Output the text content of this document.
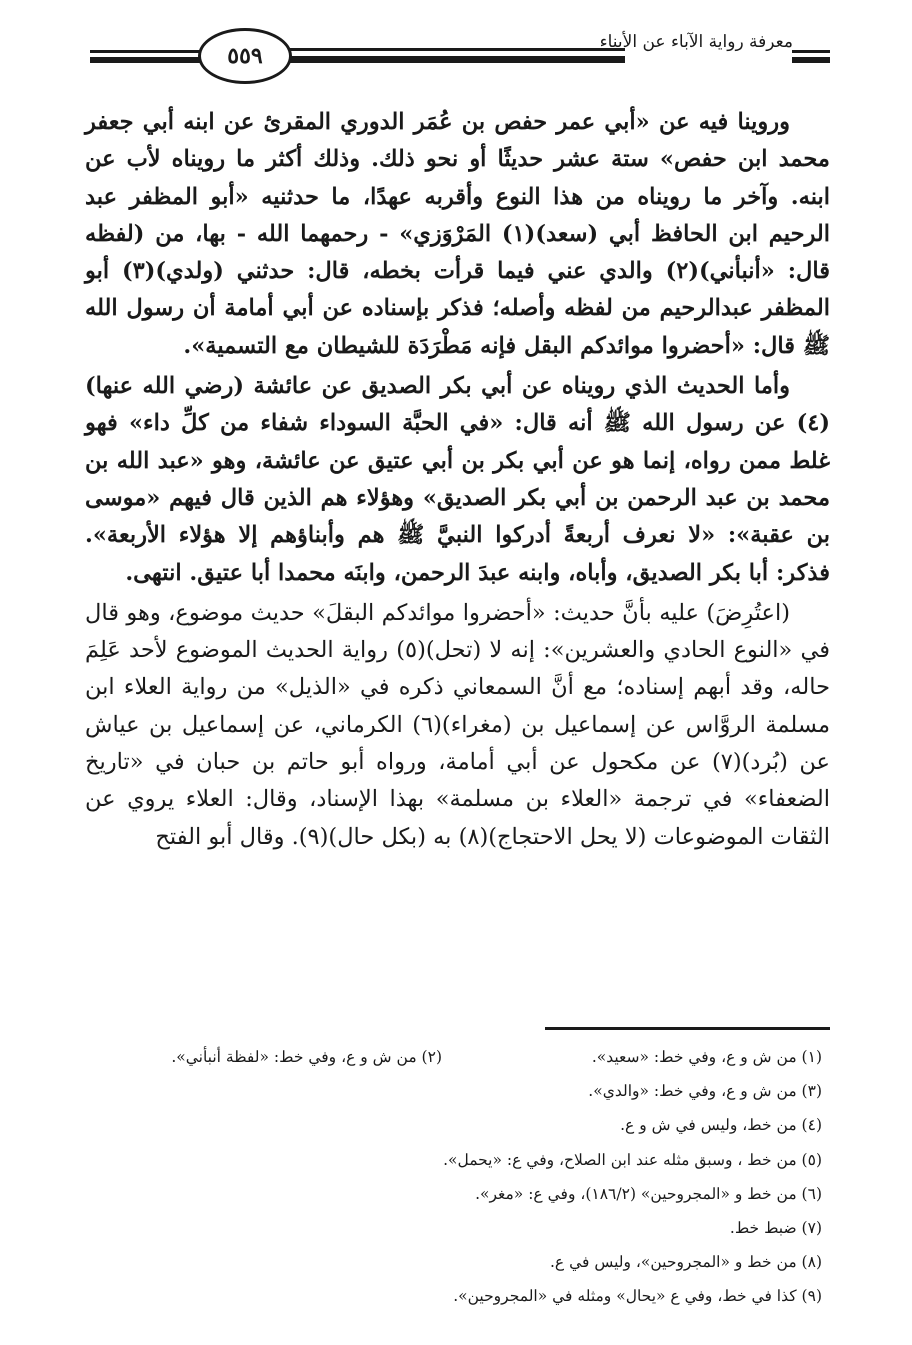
٥٥٩
معرفة رواية الآباء عن الأبناء

وروينا فيه عن «أبي عمر حفص بن عُمَر الدوري المقرئ عن ابنه أبي جعفر محمد ابن حفص» ستة عشر حديثًا أو نحو ذلك. وذلك أكثر ما رويناه لأب عن ابنه. وآخر ما رويناه من هذا النوع وأقربه عهدًا، ما حدثنيه «أبو المظفر عبد الرحيم ابن الحافظ أبي (سعد)(١) المَرْوَزي» - رحمهما الله - بها، من (لفظه قال: «أنبأني)(٢) والدي عني فيما قرأت بخطه، قال: حدثني (ولدي)(٣) أبو المظفر عبدالرحيم من لفظه وأصله؛ فذكر بإسناده عن أبي أمامة أن رسول الله ﷺ قال: «أحضروا موائدكم البقل فإنه مَطْرَدَة للشيطان مع التسمية».

وأما الحديث الذي رويناه عن أبي بكر الصديق عن عائشة (رضي الله عنها)(٤) عن رسول الله ﷺ أنه قال: «في الحبَّة السوداء شفاء من كلِّ داء» فهو غلط ممن رواه، إنما هو عن أبي بكر بن أبي عتيق عن عائشة، وهو «عبد الله بن محمد بن عبد الرحمن بن أبي بكر الصديق» وهؤلاء هم الذين قال فيهم «موسى بن عقبة»: «لا نعرف أربعةً أدركوا النبيَّ ﷺ هم وأبناؤهم إلا هؤلاء الأربعة». فذكر: أبا بكر الصديق، وأباه، وابنه عبدَ الرحمن، وابنَه محمدا أبا عتيق. انتهى.

(اعتُرِضَ) عليه بأنَّ حديث: «أحضروا موائدكم البقلَ» حديث موضوع، وهو قال في «النوع الحادي والعشرين»: إنه لا (تحل)(٥) رواية الحديث الموضوع لأحد عَلِمَ حاله، وقد أبهم إسناده؛ مع أنَّ السمعاني ذكره في «الذيل» من رواية العلاء ابن مسلمة الروَّاس عن إسماعيل بن (مغراء)(٦) الكرماني، عن إسماعيل بن عياش عن (بُرد)(٧) عن مكحول عن أبي أمامة، ورواه أبو حاتم بن حبان في «تاريخ الضعفاء» في ترجمة «العلاء بن مسلمة» بهذا الإسناد، وقال: العلاء يروي عن الثقات الموضوعات (لا يحل الاحتجاج)(٨) به (بكل حال)(٩). وقال أبو الفتح

(١) من ش و ع، وفي خط: «سعيد».
(٢) من ش و ع، وفي خط: «لفظة أنبأني».
(٣) من ش و ع، وفي خط: «والدي».
(٤) من خط، وليس في ش و ع.
(٥) من خط ، وسبق مثله عند ابن الصلاح، وفي ع: «يحمل».
(٦) من خط و «المجروحين» (١٨٦/٢)، وفي ع: «مغر».
(٧) ضبط خط.
(٨) من خط و «المجروحين»، وليس في ع.
(٩) كذا في خط، وفي ع «يحال» ومثله في «المجروحين».
